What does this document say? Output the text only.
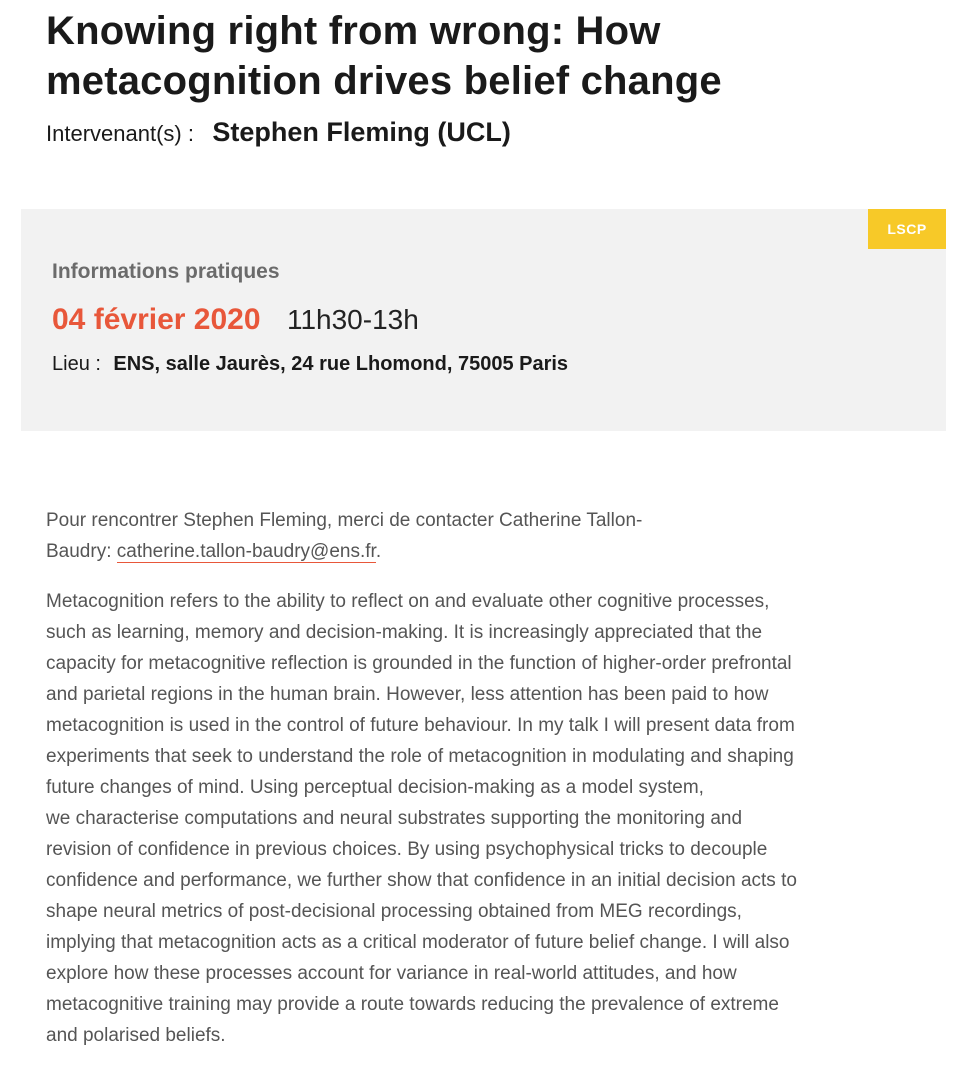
Knowing right from wrong: How metacognition drives belief change
Intervenant(s) : Stephen Fleming (UCL)
LSCP
Informations pratiques
04 février 2020 11h30-13h
Lieu : ENS, salle Jaurès, 24 rue Lhomond, 75005 Paris

Pour rencontrer Stephen Fleming, merci de contacter Catherine Tallon-
Baudry: catherine.tallon-baudry@ens.fr.

Metacognition refers to the ability to reflect on and evaluate other cognitive processes,
such as learning, memory and decision-making. It is increasingly appreciated that the
capacity for metacognitive reflection is grounded in the function of higher-order prefrontal
and parietal regions in the human brain. However, less attention has been paid to how
metacognition is used in the control of future behaviour. In my talk I will present data from
experiments that seek to understand the role of metacognition in modulating and shaping
future changes of mind. Using perceptual decision-making as a model system,
we characterise computations and neural substrates supporting the monitoring and
revision of confidence in previous choices. By using psychophysical tricks to decouple
confidence and performance, we further show that confidence in an initial decision acts to
shape neural metrics of post-decisional processing obtained from MEG recordings,
implying that metacognition acts as a critical moderator of future belief change. I will also
explore how these processes account for variance in real-world attitudes, and how
metacognitive training may provide a route towards reducing the prevalence of extreme
and polarised beliefs.
